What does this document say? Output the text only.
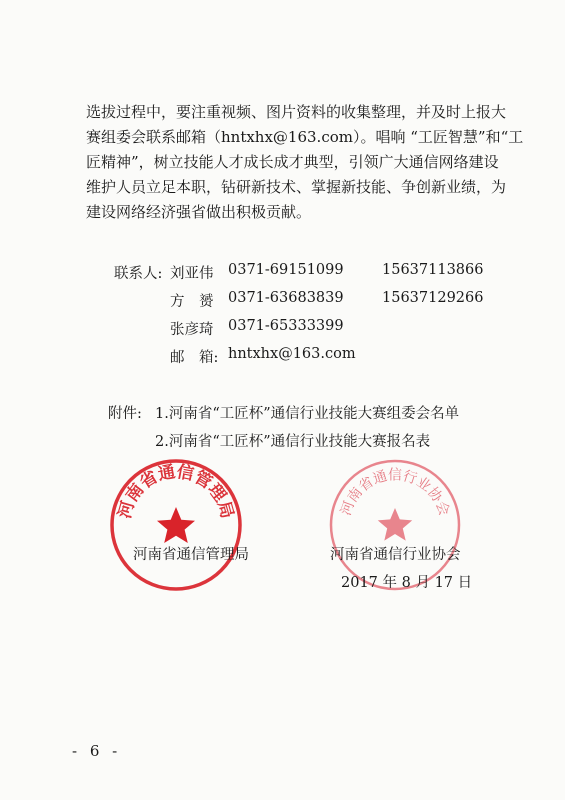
选拔过程中，要注重视频、图片资料的收集整理，并及时上报大
赛组委会联系邮箱（hntxhx@163.com）。唱响 “工匠智慧”和“工
匠精神”，树立技能人才成长成才典型，引领广大通信网络建设
维护人员立足本职，钻研新技术、掌握新技能、争创新业绩，为
建设网络经济强省做出积极贡献。
联系人: 刘亚伟 0371-69151099	15637113866
方　赟 0371-63683839	15637129266
张彦琦 0371-65333399
邮　箱: hntxhx@163.com
附件: 1.河南省“工匠杯”通信行业技能大赛组委会名单
2.河南省“工匠杯”通信行业技能大赛报名表
河南省通信管理局	河南省通信行业协会
河南省通信管理局	河南省通信行业协会
2017 年 8 月 17 日
- 6 -
